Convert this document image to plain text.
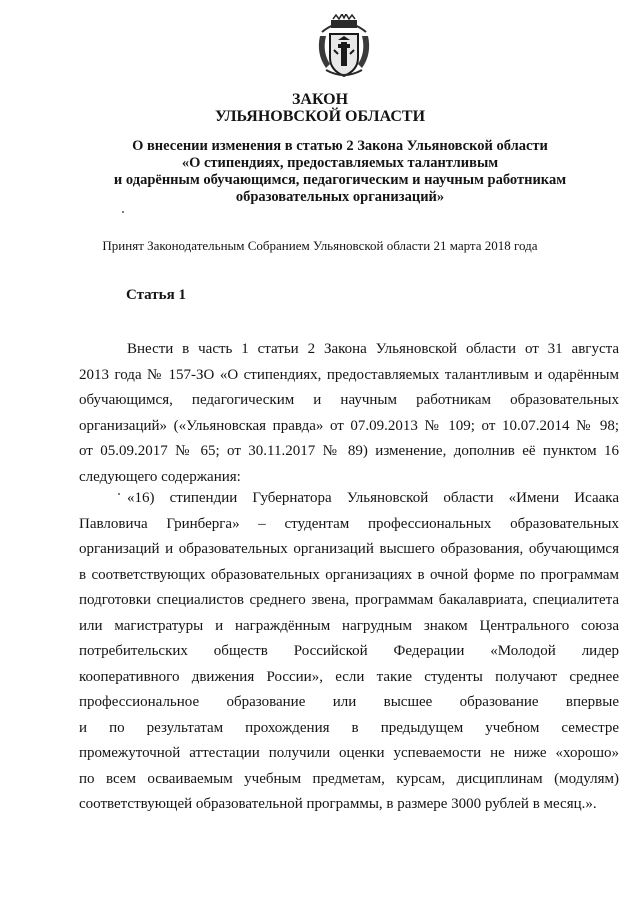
ЗАКОН
УЛЬЯНОВСКОЙ ОБЛАСТИ
О внесении изменения в статью 2 Закона Ульяновской области
«О стипендиях, предоставляемых талантливым
и одарённым обучающимся, педагогическим и научным работникам
образовательных организаций»
Принят Законодательным Собранием Ульяновской области 21 марта 2018 года
Статья 1
Внести в часть 1 статьи 2 Закона Ульяновской области от 31 августа
2013 года № 157-ЗО «О стипендиях, предоставляемых талантливым и одарённым
обучающимся, педагогическим и научным работникам образовательных
организаций» («Ульяновская правда» от 07.09.2013 № 109; от 10.07.2014 № 98;
от 05.09.2017 № 65; от 30.11.2017 № 89) изменение, дополнив её пунктом 16
следующего содержания:
«16) стипендии Губернатора Ульяновской области «Имени Исаака
Павловича Гринберга» – студентам профессиональных образовательных
организаций и образовательных организаций высшего образования, обучающимся
в соответствующих образовательных организациях в очной форме по программам
подготовки специалистов среднего звена, программам бакалавриата, специалитета
или магистратуры и награждённым нагрудным знаком Центрального союза
потребительских обществ Российской Федерации «Молодой лидер
кооперативного движения России», если такие студенты получают среднее
профессиональное образование или высшее образование впервые
и по результатам прохождения в предыдущем учебном семестре
промежуточной аттестации получили оценки успеваемости не ниже «хорошо»
по всем осваиваемым учебным предметам, курсам, дисциплинам (модулям)
соответствующей образовательной программы, в размере 3000 рублей в месяц.».
